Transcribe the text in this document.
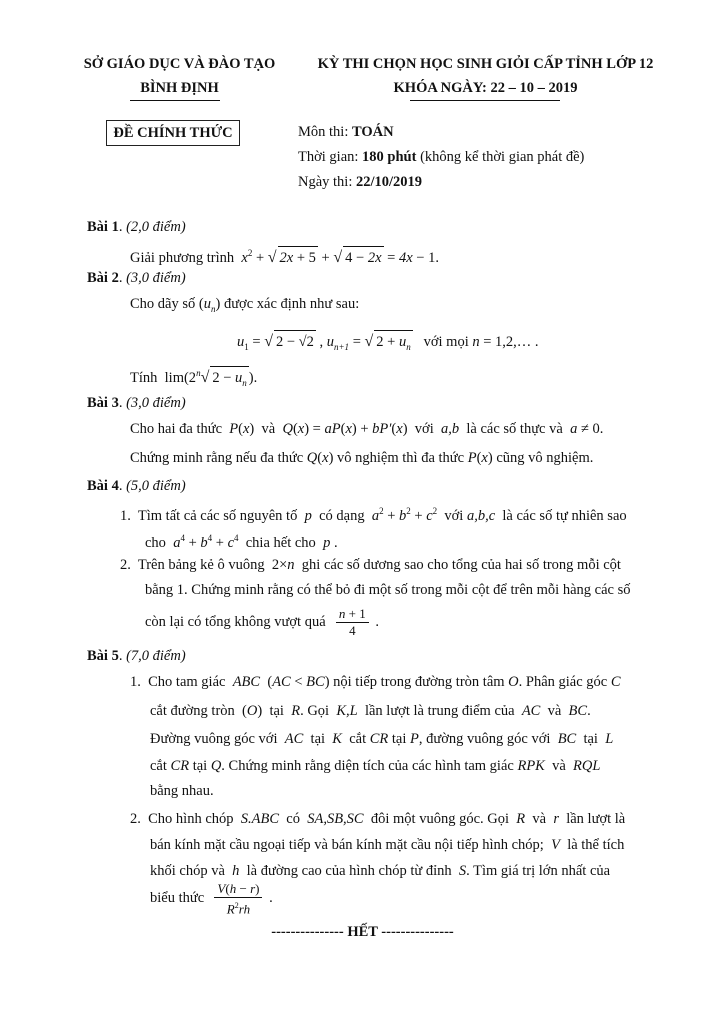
SỞ GIÁO DỤC VÀ ĐÀO TẠO
BÌNH ĐỊNH
KỲ THI CHỌN HỌC SINH GIỎI CẤP TỈNH LỚP 12
KHÓA NGÀY: 22 – 10 – 2019
ĐỀ CHÍNH THỨC	Môn thi: TOÁN
Thời gian: 180 phút (không kể thời gian phát đề)
Ngày thi: 22/10/2019
Bài 1. (2,0 điểm)
Giải phương trình $x^2$ + √ 2x + 5 + √ 4 − 2x = 4x − 1.
Bài 2. (3,0 điểm)
Cho dãy số $(u_n)$ được xác định như sau:
$u_1$ = √ 2 − √2 , $u_{n+1}$ = √ $2 + u_n$ với mọi n = 1,2,… .
Tính  lim(2$^n$√ $2 - u_n$ ).
Bài 3. (3,0 điểm)
Cho hai đa thức P(x)  và Q(x) = aP(x) + bP′(x)  với a,b là các số thực và a ≠ 0.
Chứng minh rằng nếu đa thức Q(x) vô nghiệm thì đa thức P(x) cũng vô nghiệm.
Bài 4. (5,0 điểm)
1. Tìm tất cả các số nguyên tố p có dạng $a^2 + b^2 + c^2$ với a,b,c là các số tự nhiên sao
cho $a^4 + b^4 + c^4$ chia hết cho p .
2. Trên bảng kẻ ô vuông  2×n ghi các số dương sao cho tổng của hai số trong mỗi cột
bằng 1. Chứng minh rằng có thể bỏ đi một số trong mỗi cột để trên mỗi hàng các số
còn lại có tổng không vượt quá $\frac{n + 1}{4}$ .
Bài 5. (7,0 điểm)
1. Cho tam giác ABC  (AC < BC) nội tiếp trong đường tròn tâm O. Phân giác góc C
cắt đường tròn  (O)  tại R. Gọi K,L lần lượt là trung điểm của AC và BC.
Đường vuông góc với AC tại K cắt CR tại P, đường vuông góc với BC tại L
cắt CR tại Q. Chứng minh rằng diện tích của các hình tam giác RPK và RQL
bằng nhau.
2. Cho hình chóp S.ABC có SA,SB,SC đôi một vuông góc. Gọi R và r lần lượt là
bán kính mặt cầu ngoại tiếp và bán kính mặt cầu nội tiếp hình chóp; V là thể tích
khối chóp và h là đường cao của hình chóp từ đỉnh S. Tìm giá trị lớn nhất của
biểu thức $\frac{V(h - r)}{R^2rh}$ .
--------------- HẾT ---------------
